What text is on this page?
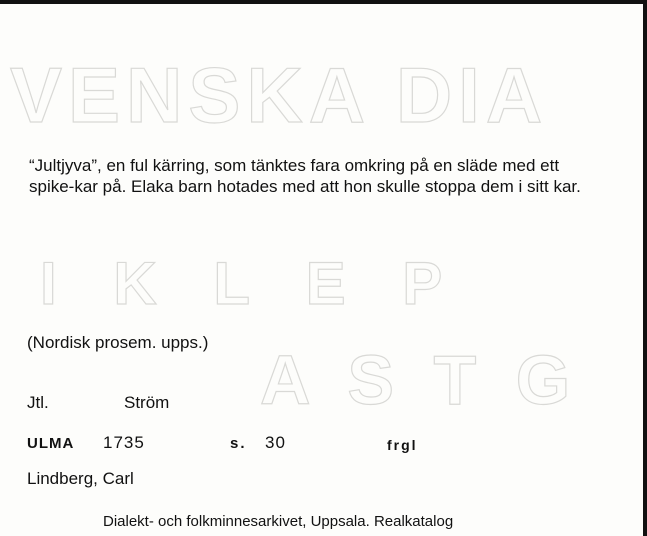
VENSKA DIA
I K L E P
A S T G

“Jultjyva”, en ful kärring, som tänktes fara omkring på en släde med ett spike-kar på. Elaka barn hotades med att hon skulle stoppa dem i sitt kar.

(Nordisk prosem. upps.)

Jtl.	Ström
ULMA 1735	s. 30	frgl
Lindberg, Carl
Dialekt- och folkminnesarkivet, Uppsala. Realkatalog
